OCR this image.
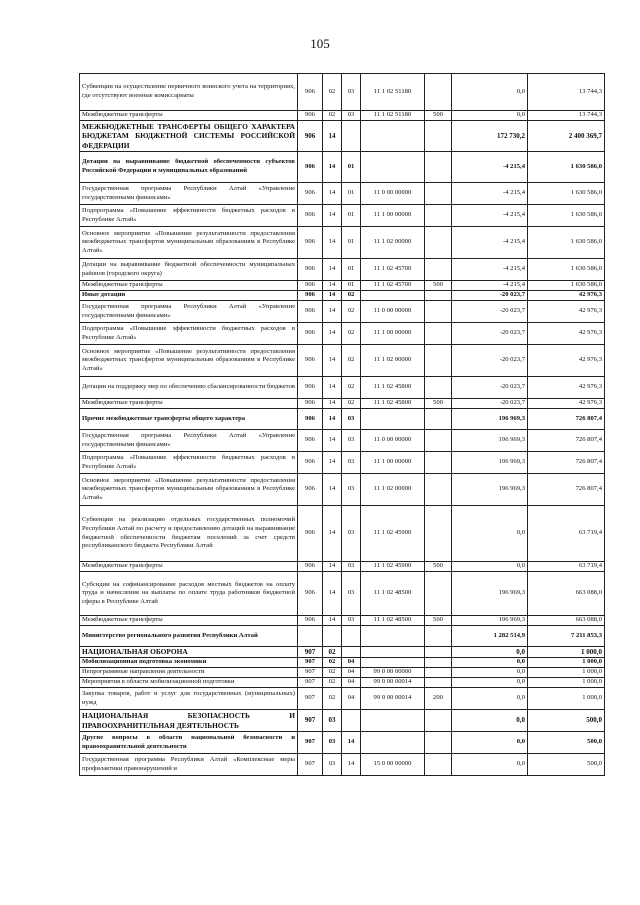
105
Субвенции на осуществление первичного воинского учета на территориях, где отсутствуют военные комиссариаты	906	02	03	11 1 02 51180		0,0	13 744,3
Межбюджетные трансферты	906	02	03	11 1 02 51180	500	0,0	13 744,3
МЕЖБЮДЖЕТНЫЕ ТРАНСФЕРТЫ ОБЩЕГО ХАРАКТЕРА БЮДЖЕТАМ БЮДЖЕТНОЙ СИСТЕМЫ РОССИЙСКОЙ ФЕДЕРАЦИИ	906	14				172 730,2	2 400 369,7
Дотации на выравнивание бюджетной обеспеченности субъектов Российской Федерации и муниципальных образований	906	14	01			-4 215,4	1 630 586,0
Государственная программа Республики Алтай «Управление государственными финансами»	906	14	01	11 0 00 00000		-4 215,4	1 630 586,0
Подпрограмма «Повышение эффективности бюджетных расходов в Республике Алтай»	906	14	01	11 1 00 00000		-4 215,4	1 630 586,0
Основное мероприятие «Повышение результативности предоставления межбюджетных трансфертов муниципальным образованиям в Республике Алтай»	906	14	01	11 1 02 00000		-4 215,4	1 630 586,0
Дотации на выравнивание бюджетной обеспеченности муниципальных районов (городского округа)	906	14	01	11 1 02 45700		-4 215,4	1 630 586,0
Межбюджетные трансферты	906	14	01	11 1 02 45700	500	-4 215,4	1 630 586,0
Иные дотации	906	14	02			-20 023,7	42 976,3
Государственная программа Республики Алтай «Управление государственными финансами»	906	14	02	11 0 00 00000		-20 023,7	42 976,3
Подпрограмма «Повышение эффективности бюджетных расходов в Республике Алтай»	906	14	02	11 1 00 00000		-20 023,7	42 976,3
Основное мероприятие «Повышение результативности предоставления межбюджетных трансфертов муниципальным образованиям в Республике Алтай»	906	14	02	11 1 02 00000		-20 023,7	42 976,3
Дотации на поддержку мер по обеспечению сбалансированности бюджетов	906	14	02	11 1 02 45800		-20 023,7	42 976,3
Межбюджетные трансферты	906	14	02	11 1 02 45800	500	-20 023,7	42 976,3
Прочие межбюджетные трансферты общего характера	906	14	03			196 969,3	726 807,4
Государственная программа Республики Алтай «Управление государственными финансами»	906	14	03	11 0 00 00000		196 969,3	726 807,4
Подпрограмма «Повышение эффективности бюджетных расходов в Республике Алтай»	906	14	03	11 1 00 00000		196 969,3	726 807,4
Основное мероприятие «Повышение результативности предоставления межбюджетных трансфертов муниципальным образованиям в Республике Алтай»	906	14	03	11 1 02 00000		196 969,3	726 807,4
Субвенции на реализацию отдельных государственных полномочий Республики Алтай по расчету и предоставлению дотаций на выравнивание бюджетной обеспеченности бюджетам поселений за счет средств республиканского бюджета Республики Алтай	906	14	03	11 1 02 45900		0,0	63 719,4
Межбюджетные трансферты	906	14	03	11 1 02 45900	500	0,0	63 719,4
Субсидии на софинансирование расходов местных бюджетов на оплату труда и начисления на выплаты по оплате труда работников бюджетной сферы в Республике Алтай	906	14	03	11 1 02 48500		196 969,3	663 088,0
Межбюджетные трансферты	906	14	03	11 1 02 48500	500	196 969,3	663 088,0
Министерство регионального развития Республики Алтай						1 282 514,9	7 211 853,3
НАЦИОНАЛЬНАЯ ОБОРОНА	907	02				0,0	1 000,0
Мобилизационная подготовка экономики	907	02	04			0,0	1 000,0
Непрограммные направления деятельности	907	02	04	99 0 00 00000		0,0	1 000,0
Мероприятия в области мобилизационной подготовки	907	02	04	99 0 00 00014		0,0	1 000,0
Закупка товаров, работ и услуг для государственных (муниципальных) нужд	907	02	04	99 0 00 00014	200	0,0	1 000,0
НАЦИОНАЛЬНАЯ БЕЗОПАСНОСТЬ И ПРАВООХРАНИТЕЛЬНАЯ ДЕЯТЕЛЬНОСТЬ	907	03				0,0	500,0
Другие вопросы в области национальной безопасности и правоохранительной деятельности	907	03	14			0,0	500,0
Государственная программа Республики Алтай «Комплексные меры профилактики правонарушений и	907	03	14	15 0 00 00000		0,0	500,0
